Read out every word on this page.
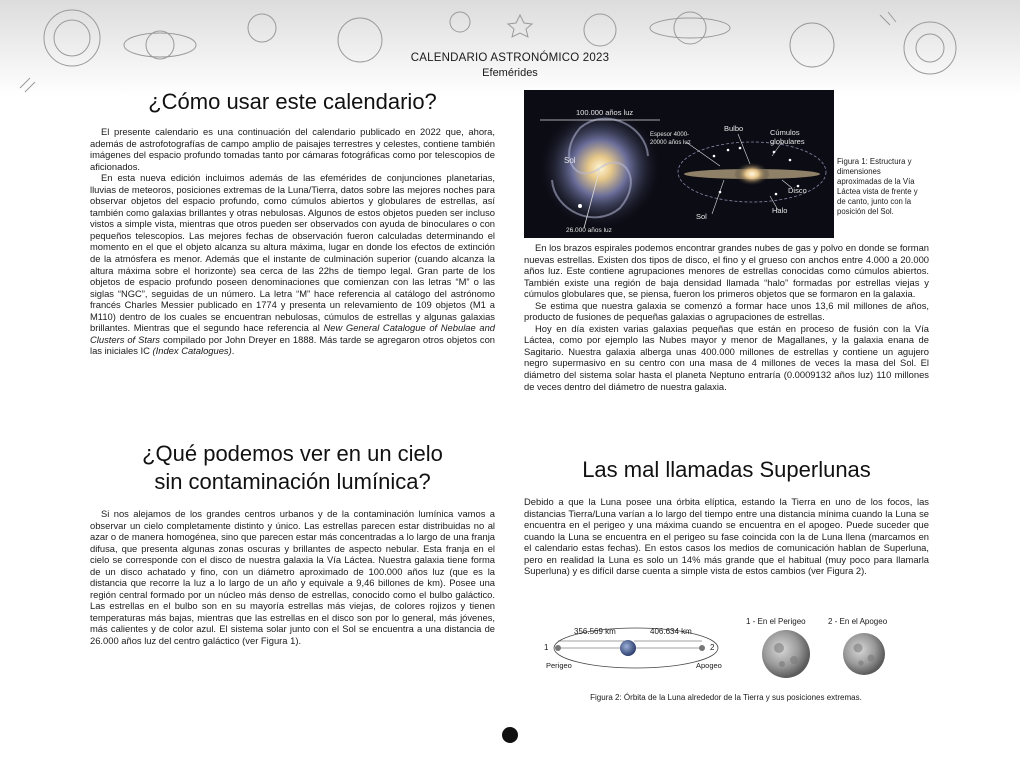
CALENDARIO ASTRONÓMICO 2023
Efemérides
¿Cómo usar este calendario?

El presente calendario es una continuación del calendario publicado en 2022 que, ahora, además de astrofotografías de campo amplio de paisajes terrestres y celestes, contiene también imágenes del espacio profundo tomadas tanto por cámaras fotográficas como por telescopios de aficionados.

En esta nueva edición incluimos además de las efemérides de conjunciones planetarias, lluvias de meteoros, posiciones extremas de la Luna/Tierra, datos sobre las mejores noches para observar objetos del espacio profundo, como cúmulos abiertos y globulares de estrellas, así también como galaxias brillantes y otras nebulosas. Algunos de estos objetos pueden ser incluso vistos a simple vista, mientras que otros pueden ser observados con ayuda de binoculares o con pequeños telescopios. Las mejores fechas de observación fueron calculadas determinando el momento en el que el objeto alcanza su altura máxima, lugar en donde los efectos de extinción de la atmósfera es menor. Además que el instante de culminación superior (cuando alcanza la altura máxima sobre el horizonte) sea cerca de las 22hs de tiempo legal. Gran parte de los objetos de espacio profundo poseen denominaciones que comienzan con las letras “M” o las siglas “NGC”, seguidas de un número. La letra “M” hace referencia al catálogo del astrónomo francés Charles Messier publicado en 1774 y presenta un relevamiento de 109 objetos (M1 a M110) dentro de los cuales se encuentran nebulosas, cúmulos de estrellas y algunas galaxias brillantes. Mientras que el segundo hace referencia al New General Catalogue of Nebulae and Clusters of Stars compilado por John Dreyer en 1888. Más tarde se agregaron otros objetos con las iniciales IC (Index Catalogues).

¿Qué podemos ver en un cielo
sin contaminación lumínica?

Si nos alejamos de los grandes centros urbanos y de la contaminación lumínica vamos a observar un cielo completamente distinto y único. Las estrellas parecen estar distribuidas no al azar o de manera homogénea, sino que parecen estar más concentradas a lo largo de una franja difusa, que presenta algunas zonas oscuras y brillantes de aspecto nebular. Esta franja en el cielo se corresponde con el disco de nuestra galaxia la Vía Láctea. Nuestra galaxia tiene forma de un disco achatado y fino, con un diámetro aproximado de 100.000 años luz (que es la distancia que recorre la luz a lo largo de un año y equivale a 9,46 billones de km). Posee una región central formado por un núcleo más denso de estrellas, conocido como el bulbo galáctico. Las estrellas en el bulbo son en su mayoría estrellas más viejas, de colores rojizos y tienen temperaturas más bajas, mientras que las estrellas en el disco son por lo general, más jóvenes, más calientes y de color azul. El sistema solar junto con el Sol se encuentra a una distancia de 26.000 años luz del centro galáctico (ver Figura 1).

100.000 años luz
Sol
26.000 años luz
Espesor 4000-20000 años luz
Bulbo	Cúmulos globulares
Disco
Halo
Sol
Figura 1: Estructura y dimensiones aproximadas de la Vía Láctea vista de frente y de canto, junto con la posición del Sol.

En los brazos espirales podemos encontrar grandes nubes de gas y polvo en donde se forman nuevas estrellas. Existen dos tipos de disco, el fino y el grueso con anchos entre 4.000 a 20.000 años luz. Este contiene agrupaciones menores de estrellas conocidas como cúmulos abiertos. También existe una región de baja densidad llamada “halo” formadas por estrellas viejas y cúmulos globulares que, se piensa, fueron los primeros objetos que se formaron en la galaxia.

Se estima que nuestra galaxia se comenzó a formar hace unos 13,6 mil millones de años, producto de fusiones de pequeñas galaxias o agrupaciones de estrellas.

Hoy en día existen varias galaxias pequeñas que están en proceso de fusión con la Vía Láctea, como por ejemplo las Nubes mayor y menor de Magallanes, y la galaxia enana de Sagitario. Nuestra galaxia alberga unas 400.000 millones de estrellas y contiene un agujero negro supermasivo en su centro con una masa de 4 millones de veces la masa del Sol. El diámetro del sistema solar hasta el planeta Neptuno entraría (0.0009132 años luz) 110 millones de veces dentro del diámetro de nuestra galaxia.

Las mal llamadas Superlunas

Debido a que la Luna posee una órbita elíptica, estando la Tierra en uno de los focos, las distancias Tierra/Luna varían a lo largo del tiempo entre una distancia mínima cuando la Luna se encuentra en el perigeo y una máxima cuando se encuentra en el apogeo. Puede suceder que cuando la Luna se encuentra en el perigeo su fase coincida con la de Luna llena (marcamos en el calendario estas fechas). En estos casos los medios de comunicación hablan de Superluna, pero en realidad la Luna es solo un 14% más grande que el habitual (muy poco para llamarla Superluna) y es difícil darse cuenta a simple vista de estos cambios (ver Figura 2).

356.569 km	406.634 km
1	2
Perigeo	Apogeo
1 - En el Perigeo	2 - En el Apogeo
Figura 2: Órbita de la Luna alrededor de la Tierra y sus posiciones extremas.
